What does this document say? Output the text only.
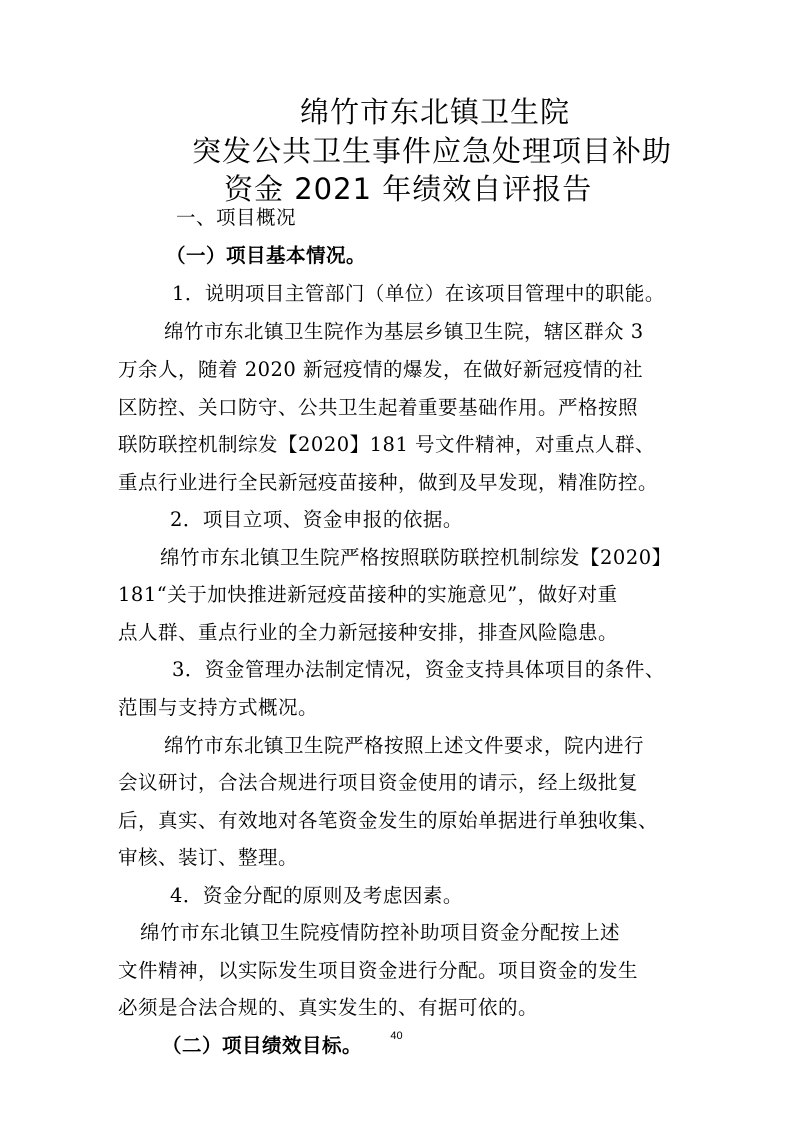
绵竹市东北镇卫生院
突发公共卫生事件应急处理项目补助
资金 2021 年绩效自评报告
一、项目概况
（一）项目基本情况。
1．说明项目主管部门（单位）在该项目管理中的职能。
绵竹市东北镇卫生院作为基层乡镇卫生院，辖区群众 3
万余人，随着 2020 新冠疫情的爆发，在做好新冠疫情的社
区防控、关口防守、公共卫生起着重要基础作用。严格按照
联防联控机制综发【2020】181 号文件精神，对重点人群、
重点行业进行全民新冠疫苗接种，做到及早发现，精准防控。
2．项目立项、资金申报的依据。
绵竹市东北镇卫生院严格按照联防联控机制综发【2020】
181“关于加快推进新冠疫苗接种的实施意见”，做好对重
点人群、重点行业的全力新冠接种安排，排查风险隐患。
3．资金管理办法制定情况，资金支持具体项目的条件、
范围与支持方式概况。
绵竹市东北镇卫生院严格按照上述文件要求，院内进行
会议研讨，合法合规进行项目资金使用的请示，经上级批复
后，真实、有效地对各笔资金发生的原始单据进行单独收集、
审核、装订、整理。
4．资金分配的原则及考虑因素。
绵竹市东北镇卫生院疫情防控补助项目资金分配按上述
文件精神，以实际发生项目资金进行分配。项目资金的发生
必须是合法合规的、真实发生的、有据可依的。
（二）项目绩效目标。	40
